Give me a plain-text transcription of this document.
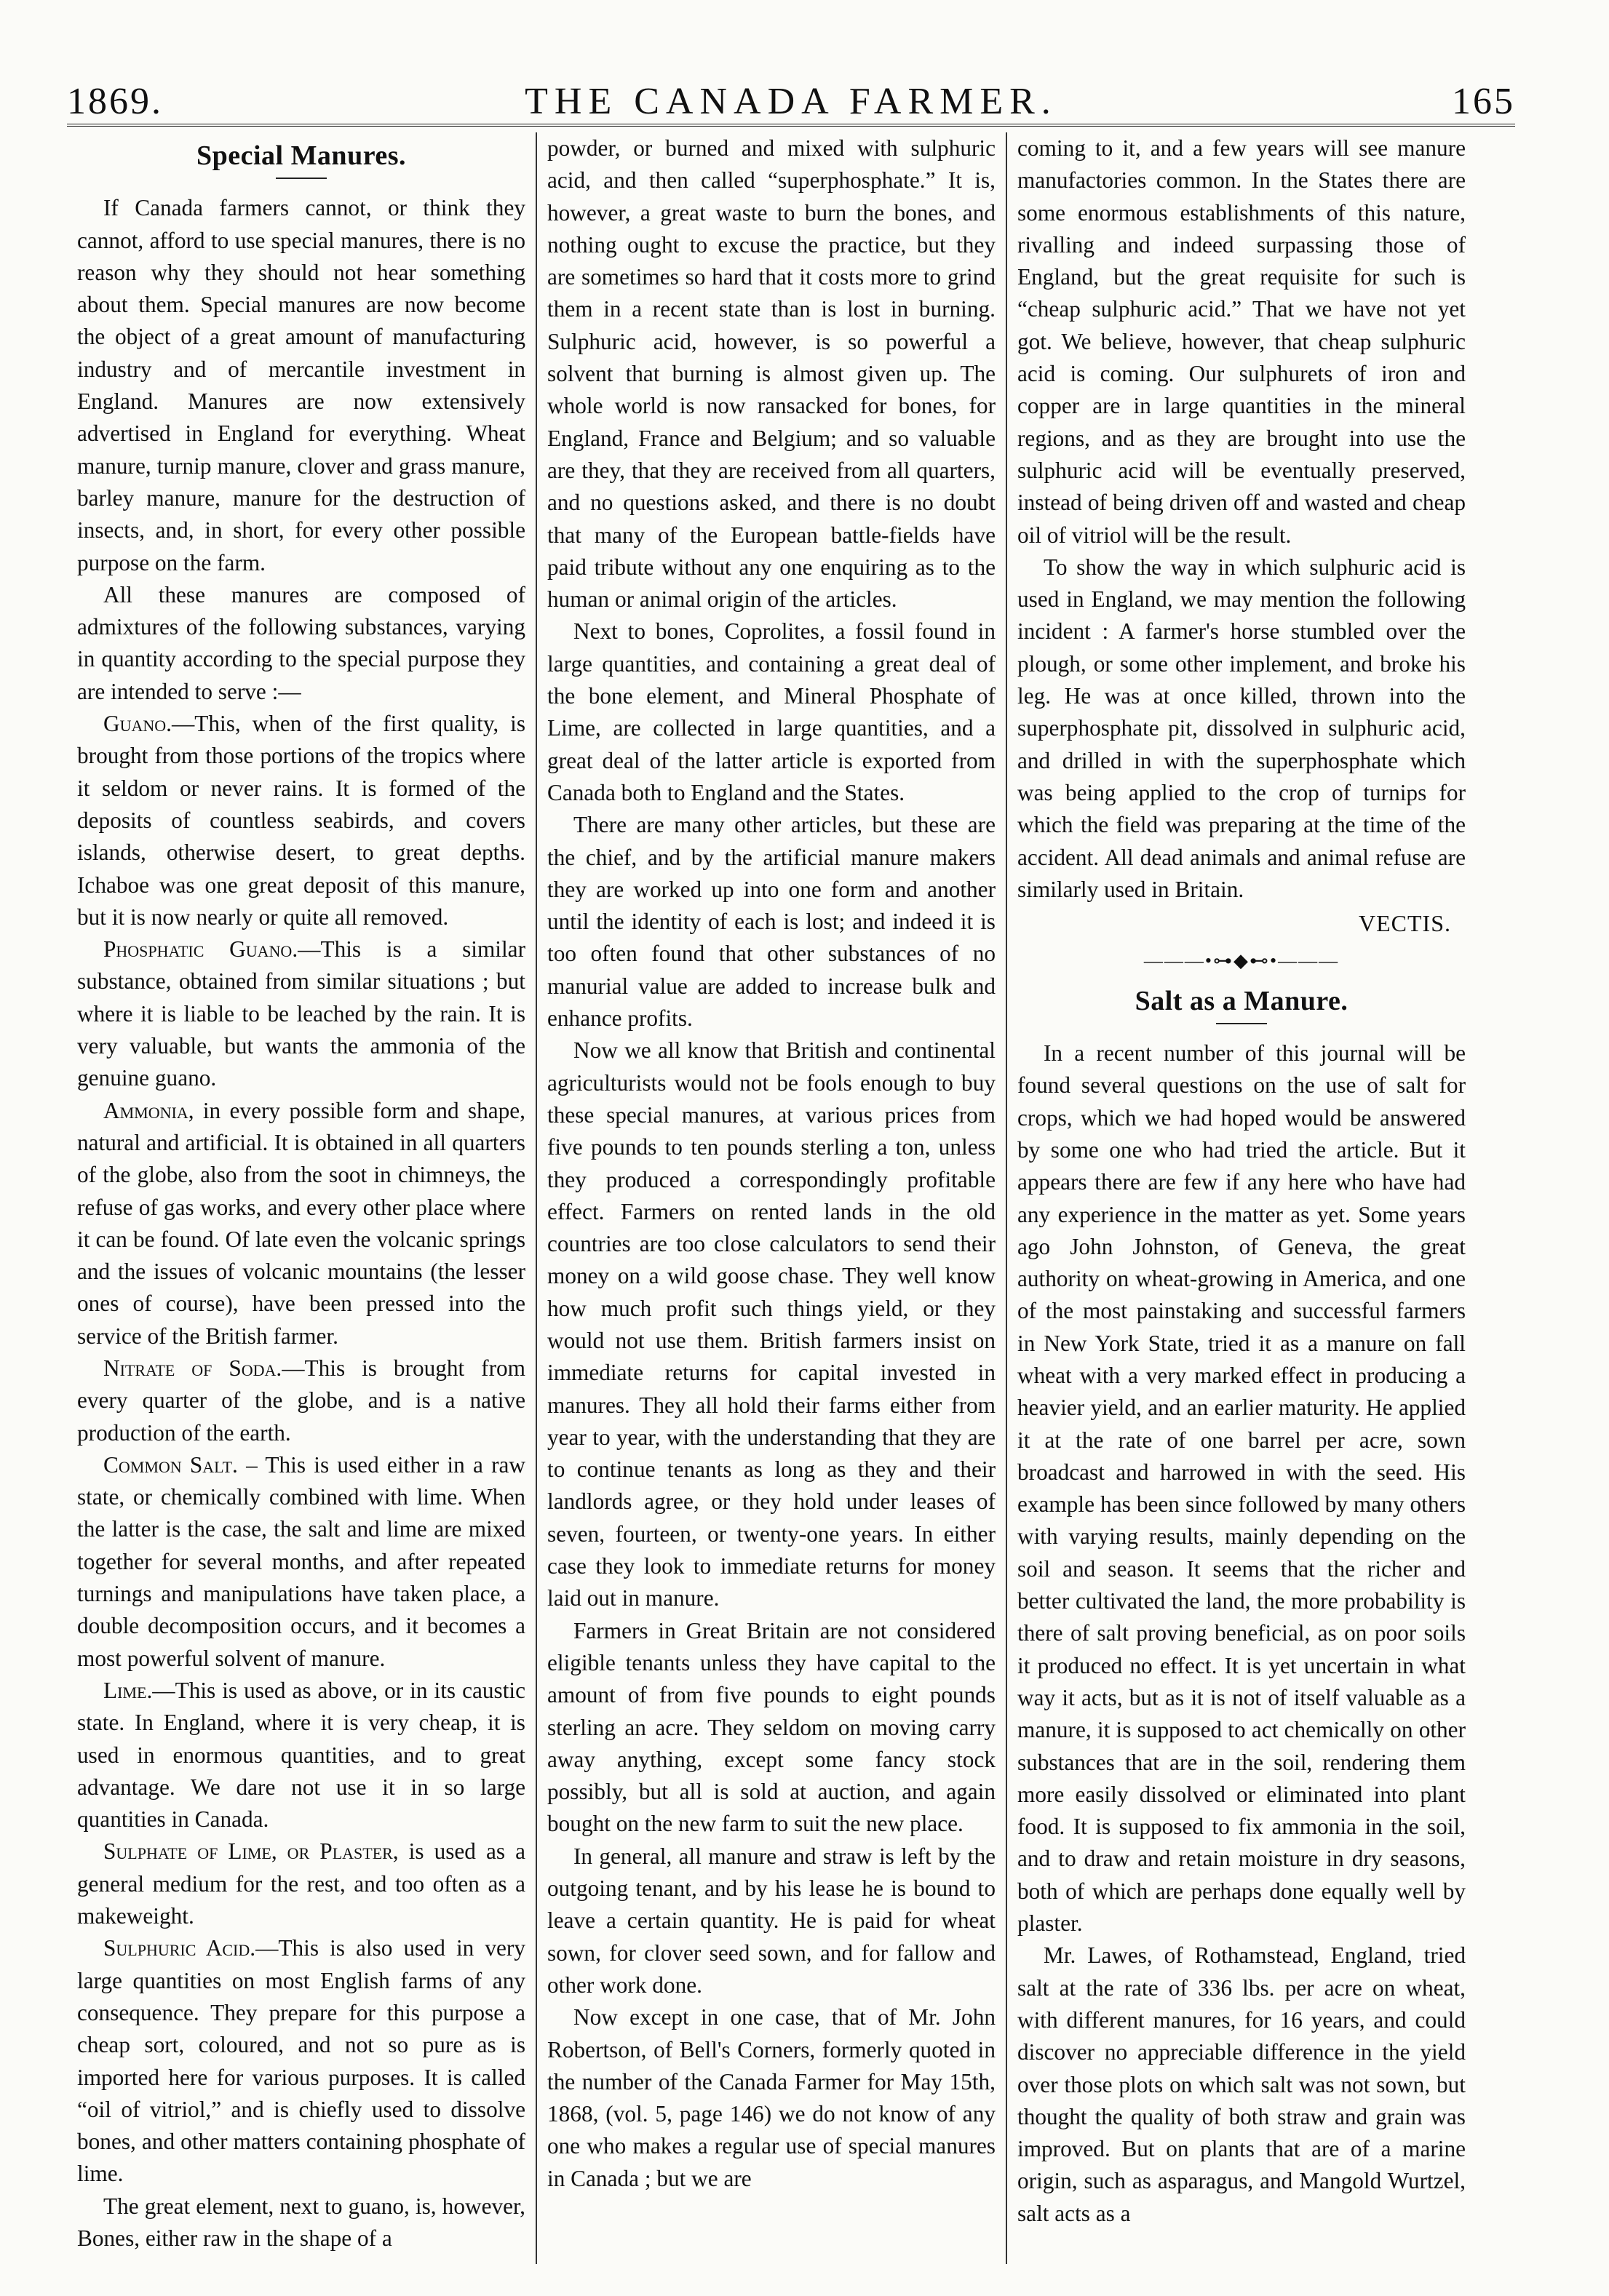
1869.	THE CANADA FARMER.	165
Special Manures.

If Canada farmers cannot, or think they cannot, afford to use special manures, there is no reason why they should not hear something about them. Special manures are now become the object of a great amount of manufacturing industry and of mercantile investment in England. Manures are now extensively advertised in England for everything. Wheat manure, turnip manure, clover and grass manure, barley manure, manure for the destruction of insects, and, in short, for every other possible purpose on the farm.

All these manures are composed of admixtures of the following substances, varying in quantity according to the special purpose they are intended to serve :—

Guano.—This, when of the first quality, is brought from those portions of the tropics where it seldom or never rains. It is formed of the deposits of countless seabirds, and covers islands, otherwise desert, to great depths. Ichaboe was one great deposit of this manure, but it is now nearly or quite all removed.

Phosphatic Guano.—This is a similar substance, obtained from similar situations ; but where it is liable to be leached by the rain. It is very valuable, but wants the ammonia of the genuine guano.

Ammonia, in every possible form and shape, natural and artificial. It is obtained in all quarters of the globe, also from the soot in chimneys, the refuse of gas works, and every other place where it can be found. Of late even the volcanic springs and the issues of volcanic mountains (the lesser ones of course), have been pressed into the service of the British farmer.

Nitrate of Soda.—This is brought from every quarter of the globe, and is a native production of the earth.

Common Salt. – This is used either in a raw state, or chemically combined with lime. When the latter is the case, the salt and lime are mixed together for several months, and after repeated turnings and manipulations have taken place, a double decomposition occurs, and it becomes a most powerful solvent of manure.

Lime.—This is used as above, or in its caustic state. In England, where it is very cheap, it is used in enormous quantities, and to great advantage. We dare not use it in so large quantities in Canada.

Sulphate of Lime, or Plaster, is used as a general medium for the rest, and too often as a makeweight.

Sulphuric Acid.—This is also used in very large quantities on most English farms of any consequence. They prepare for this purpose a cheap sort, coloured, and not so pure as is imported here for various purposes. It is called “oil of vitriol,” and is chiefly used to dissolve bones, and other matters containing phosphate of lime.

The great element, next to guano, is, however, Bones, either raw in the shape of a

powder, or burned and mixed with sulphuric acid, and then called “superphosphate.” It is, however, a great waste to burn the bones, and nothing ought to excuse the practice, but they are sometimes so hard that it costs more to grind them in a recent state than is lost in burning. Sulphuric acid, however, is so powerful a solvent that burning is almost given up. The whole world is now ransacked for bones, for England, France and Belgium; and so valuable are they, that they are received from all quarters, and no questions asked, and there is no doubt that many of the European battle-fields have paid tribute without any one enquiring as to the human or animal origin of the articles.

Next to bones, Coprolites, a fossil found in large quantities, and containing a great deal of the bone element, and Mineral Phosphate of Lime, are collected in large quantities, and a great deal of the latter article is exported from Canada both to England and the States.

There are many other articles, but these are the chief, and by the artificial manure makers they are worked up into one form and another until the identity of each is lost; and indeed it is too often found that other substances of no manurial value are added to increase bulk and enhance profits.

Now we all know that British and continental agriculturists would not be fools enough to buy these special manures, at various prices from five pounds to ten pounds sterling a ton, unless they produced a correspondingly profitable effect. Farmers on rented lands in the old countries are too close calculators to send their money on a wild goose chase. They well know how much profit such things yield, or they would not use them. British farmers insist on immediate returns for capital invested in manures. They all hold their farms either from year to year, with the understanding that they are to continue tenants as long as they and their landlords agree, or they hold under leases of seven, fourteen, or twenty-one years. In either case they look to immediate returns for money laid out in manure.

Farmers in Great Britain are not considered eligible tenants unless they have capital to the amount of from five pounds to eight pounds sterling an acre. They seldom on moving carry away anything, except some fancy stock possibly, but all is sold at auction, and again bought on the new farm to suit the new place.

In general, all manure and straw is left by the outgoing tenant, and by his lease he is bound to leave a certain quantity. He is paid for wheat sown, for clover seed sown, and for fallow and other work done.

Now except in one case, that of Mr. John Robertson, of Bell's Corners, formerly quoted in the number of the Canada Farmer for May 15th, 1868, (vol. 5, page 146) we do not know of any one who makes a regular use of special manures in Canada ; but we are

coming to it, and a few years will see manure manufactories common. In the States there are some enormous establishments of this nature, rivalling and indeed surpassing those of England, but the great requisite for such is “cheap sulphuric acid.” That we have not yet got. We believe, however, that cheap sulphuric acid is coming. Our sulphurets of iron and copper are in large quantities in the mineral regions, and as they are brought into use the sulphuric acid will be eventually preserved, instead of being driven off and wasted and cheap oil of vitriol will be the result.

To show the way in which sulphuric acid is used in England, we may mention the following incident : A farmer's horse stumbled over the plough, or some other implement, and broke his leg. He was at once killed, thrown into the superphosphate pit, dissolved in sulphuric acid, and drilled in with the superphosphate which was being applied to the crop of turnips for which the field was preparing at the time of the accident. All dead animals and animal refuse are similarly used in Britain.

VECTIS.
———•⊶◆⊷•———
Salt as a Manure.

In a recent number of this journal will be found several questions on the use of salt for crops, which we had hoped would be answered by some one who had tried the article. But it appears there are few if any here who have had any experience in the matter as yet. Some years ago John Johnston, of Geneva, the great authority on wheat-growing in America, and one of the most painstaking and successful farmers in New York State, tried it as a manure on fall wheat with a very marked effect in producing a heavier yield, and an earlier maturity. He applied it at the rate of one barrel per acre, sown broadcast and harrowed in with the seed. His example has been since followed by many others with varying results, mainly depending on the soil and season. It seems that the richer and better cultivated the land, the more probability is there of salt proving beneficial, as on poor soils it produced no effect. It is yet uncertain in what way it acts, but as it is not of itself valuable as a manure, it is supposed to act chemically on other substances that are in the soil, rendering them more easily dissolved or eliminated into plant food. It is supposed to fix ammonia in the soil, and to draw and retain moisture in dry seasons, both of which are perhaps done equally well by plaster.

Mr. Lawes, of Rothamstead, England, tried salt at the rate of 336 lbs. per acre on wheat, with different manures, for 16 years, and could discover no appreciable difference in the yield over those plots on which salt was not sown, but thought the quality of both straw and grain was improved. But on plants that are of a marine origin, such as asparagus, and Mangold Wurtzel, salt acts as a
